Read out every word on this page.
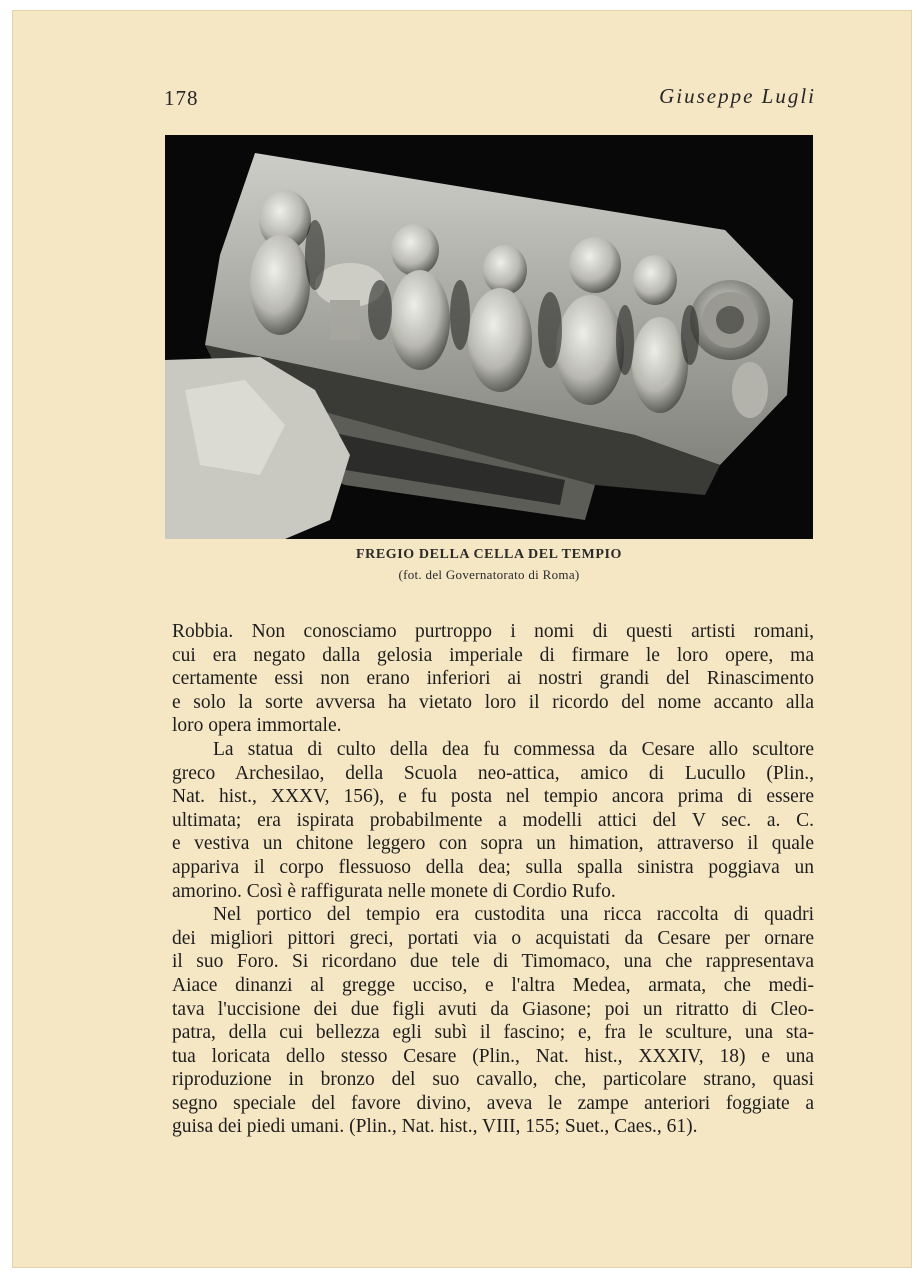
178	Giuseppe Lugli
FREGIO DELLA CELLA DEL TEMPIO
(fot. del Governatorato di Roma)
Robbia. Non conosciamo purtroppo i nomi di questi artisti romani,
cui era negato dalla gelosia imperiale di firmare le loro opere, ma
certamente essi non erano inferiori ai nostri grandi del Rinascimento
e solo la sorte avversa ha vietato loro il ricordo del nome accanto alla
loro opera immortale.
La statua di culto della dea fu commessa da Cesare allo scultore
greco Archesilao, della Scuola neo-attica, amico di Lucullo (Plin.,
Nat. hist., XXXV, 156), e fu posta nel tempio ancora prima di essere
ultimata; era ispirata probabilmente a modelli attici del V sec. a. C.
e vestiva un chitone leggero con sopra un himation, attraverso il quale
appariva il corpo flessuoso della dea; sulla spalla sinistra poggiava un
amorino. Così è raffigurata nelle monete di Cordio Rufo.
Nel portico del tempio era custodita una ricca raccolta di quadri
dei migliori pittori greci, portati via o acquistati da Cesare per ornare
il suo Foro. Si ricordano due tele di Timomaco, una che rappresentava
Aiace dinanzi al gregge ucciso, e l'altra Medea, armata, che medi-
tava l'uccisione dei due figli avuti da Giasone; poi un ritratto di Cleo-
patra, della cui bellezza egli subì il fascino; e, fra le sculture, una sta-
tua loricata dello stesso Cesare (Plin., Nat. hist., XXXIV, 18) e una
riproduzione in bronzo del suo cavallo, che, particolare strano, quasi
segno speciale del favore divino, aveva le zampe anteriori foggiate a
guisa dei piedi umani. (Plin., Nat. hist., VIII, 155; Suet., Caes., 61).
